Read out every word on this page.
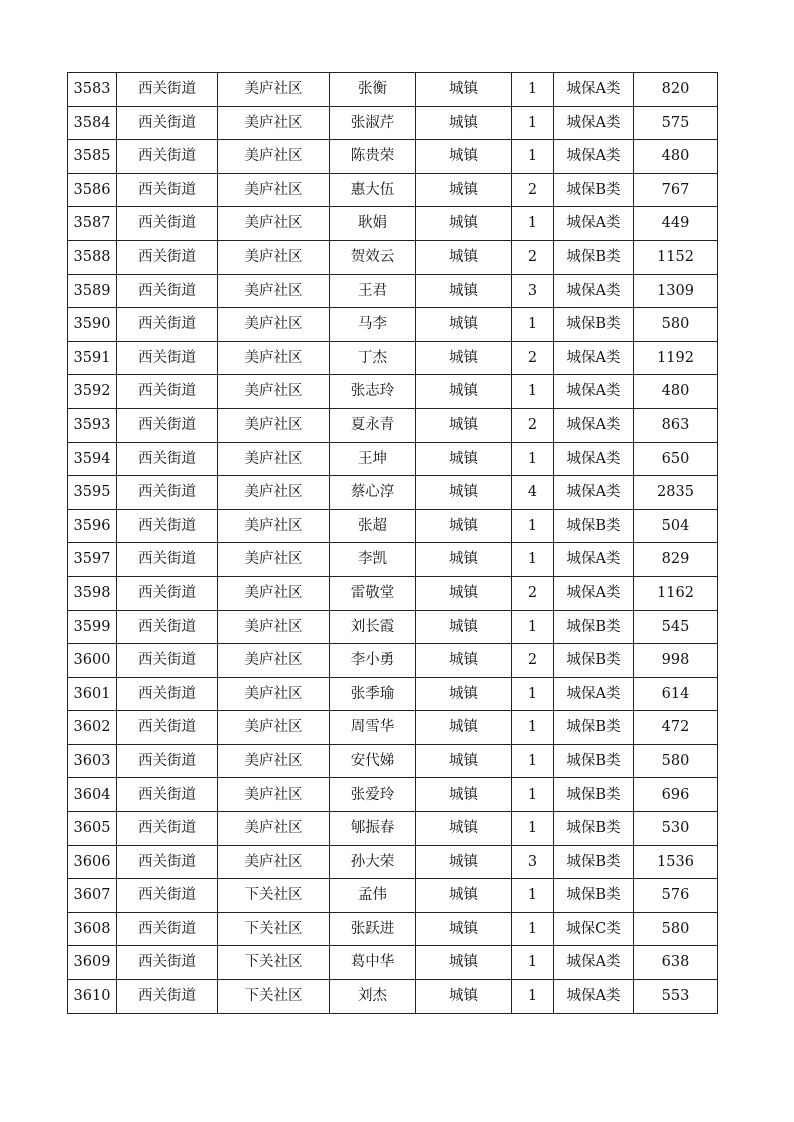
3583	西关街道	美庐社区	张衡	城镇	1	城保A类	820
3584	西关街道	美庐社区	张淑芹	城镇	1	城保A类	575
3585	西关街道	美庐社区	陈贵荣	城镇	1	城保A类	480
3586	西关街道	美庐社区	惠大伍	城镇	2	城保B类	767
3587	西关街道	美庐社区	耿娟	城镇	1	城保A类	449
3588	西关街道	美庐社区	贺效云	城镇	2	城保B类	1152
3589	西关街道	美庐社区	王君	城镇	3	城保A类	1309
3590	西关街道	美庐社区	马李	城镇	1	城保B类	580
3591	西关街道	美庐社区	丁杰	城镇	2	城保A类	1192
3592	西关街道	美庐社区	张志玲	城镇	1	城保A类	480
3593	西关街道	美庐社区	夏永青	城镇	2	城保A类	863
3594	西关街道	美庐社区	王坤	城镇	1	城保A类	650
3595	西关街道	美庐社区	蔡心淳	城镇	4	城保A类	2835
3596	西关街道	美庐社区	张超	城镇	1	城保B类	504
3597	西关街道	美庐社区	李凯	城镇	1	城保A类	829
3598	西关街道	美庐社区	雷敬堂	城镇	2	城保A类	1162
3599	西关街道	美庐社区	刘长霞	城镇	1	城保B类	545
3600	西关街道	美庐社区	李小勇	城镇	2	城保B类	998
3601	西关街道	美庐社区	张季瑜	城镇	1	城保A类	614
3602	西关街道	美庐社区	周雪华	城镇	1	城保B类	472
3603	西关街道	美庐社区	安代娣	城镇	1	城保B类	580
3604	西关街道	美庐社区	张爱玲	城镇	1	城保B类	696
3605	西关街道	美庐社区	郇振春	城镇	1	城保B类	530
3606	西关街道	美庐社区	孙大荣	城镇	3	城保B类	1536
3607	西关街道	下关社区	孟伟	城镇	1	城保B类	576
3608	西关街道	下关社区	张跃进	城镇	1	城保C类	580
3609	西关街道	下关社区	葛中华	城镇	1	城保A类	638
3610	西关街道	下关社区	刘杰	城镇	1	城保A类	553
